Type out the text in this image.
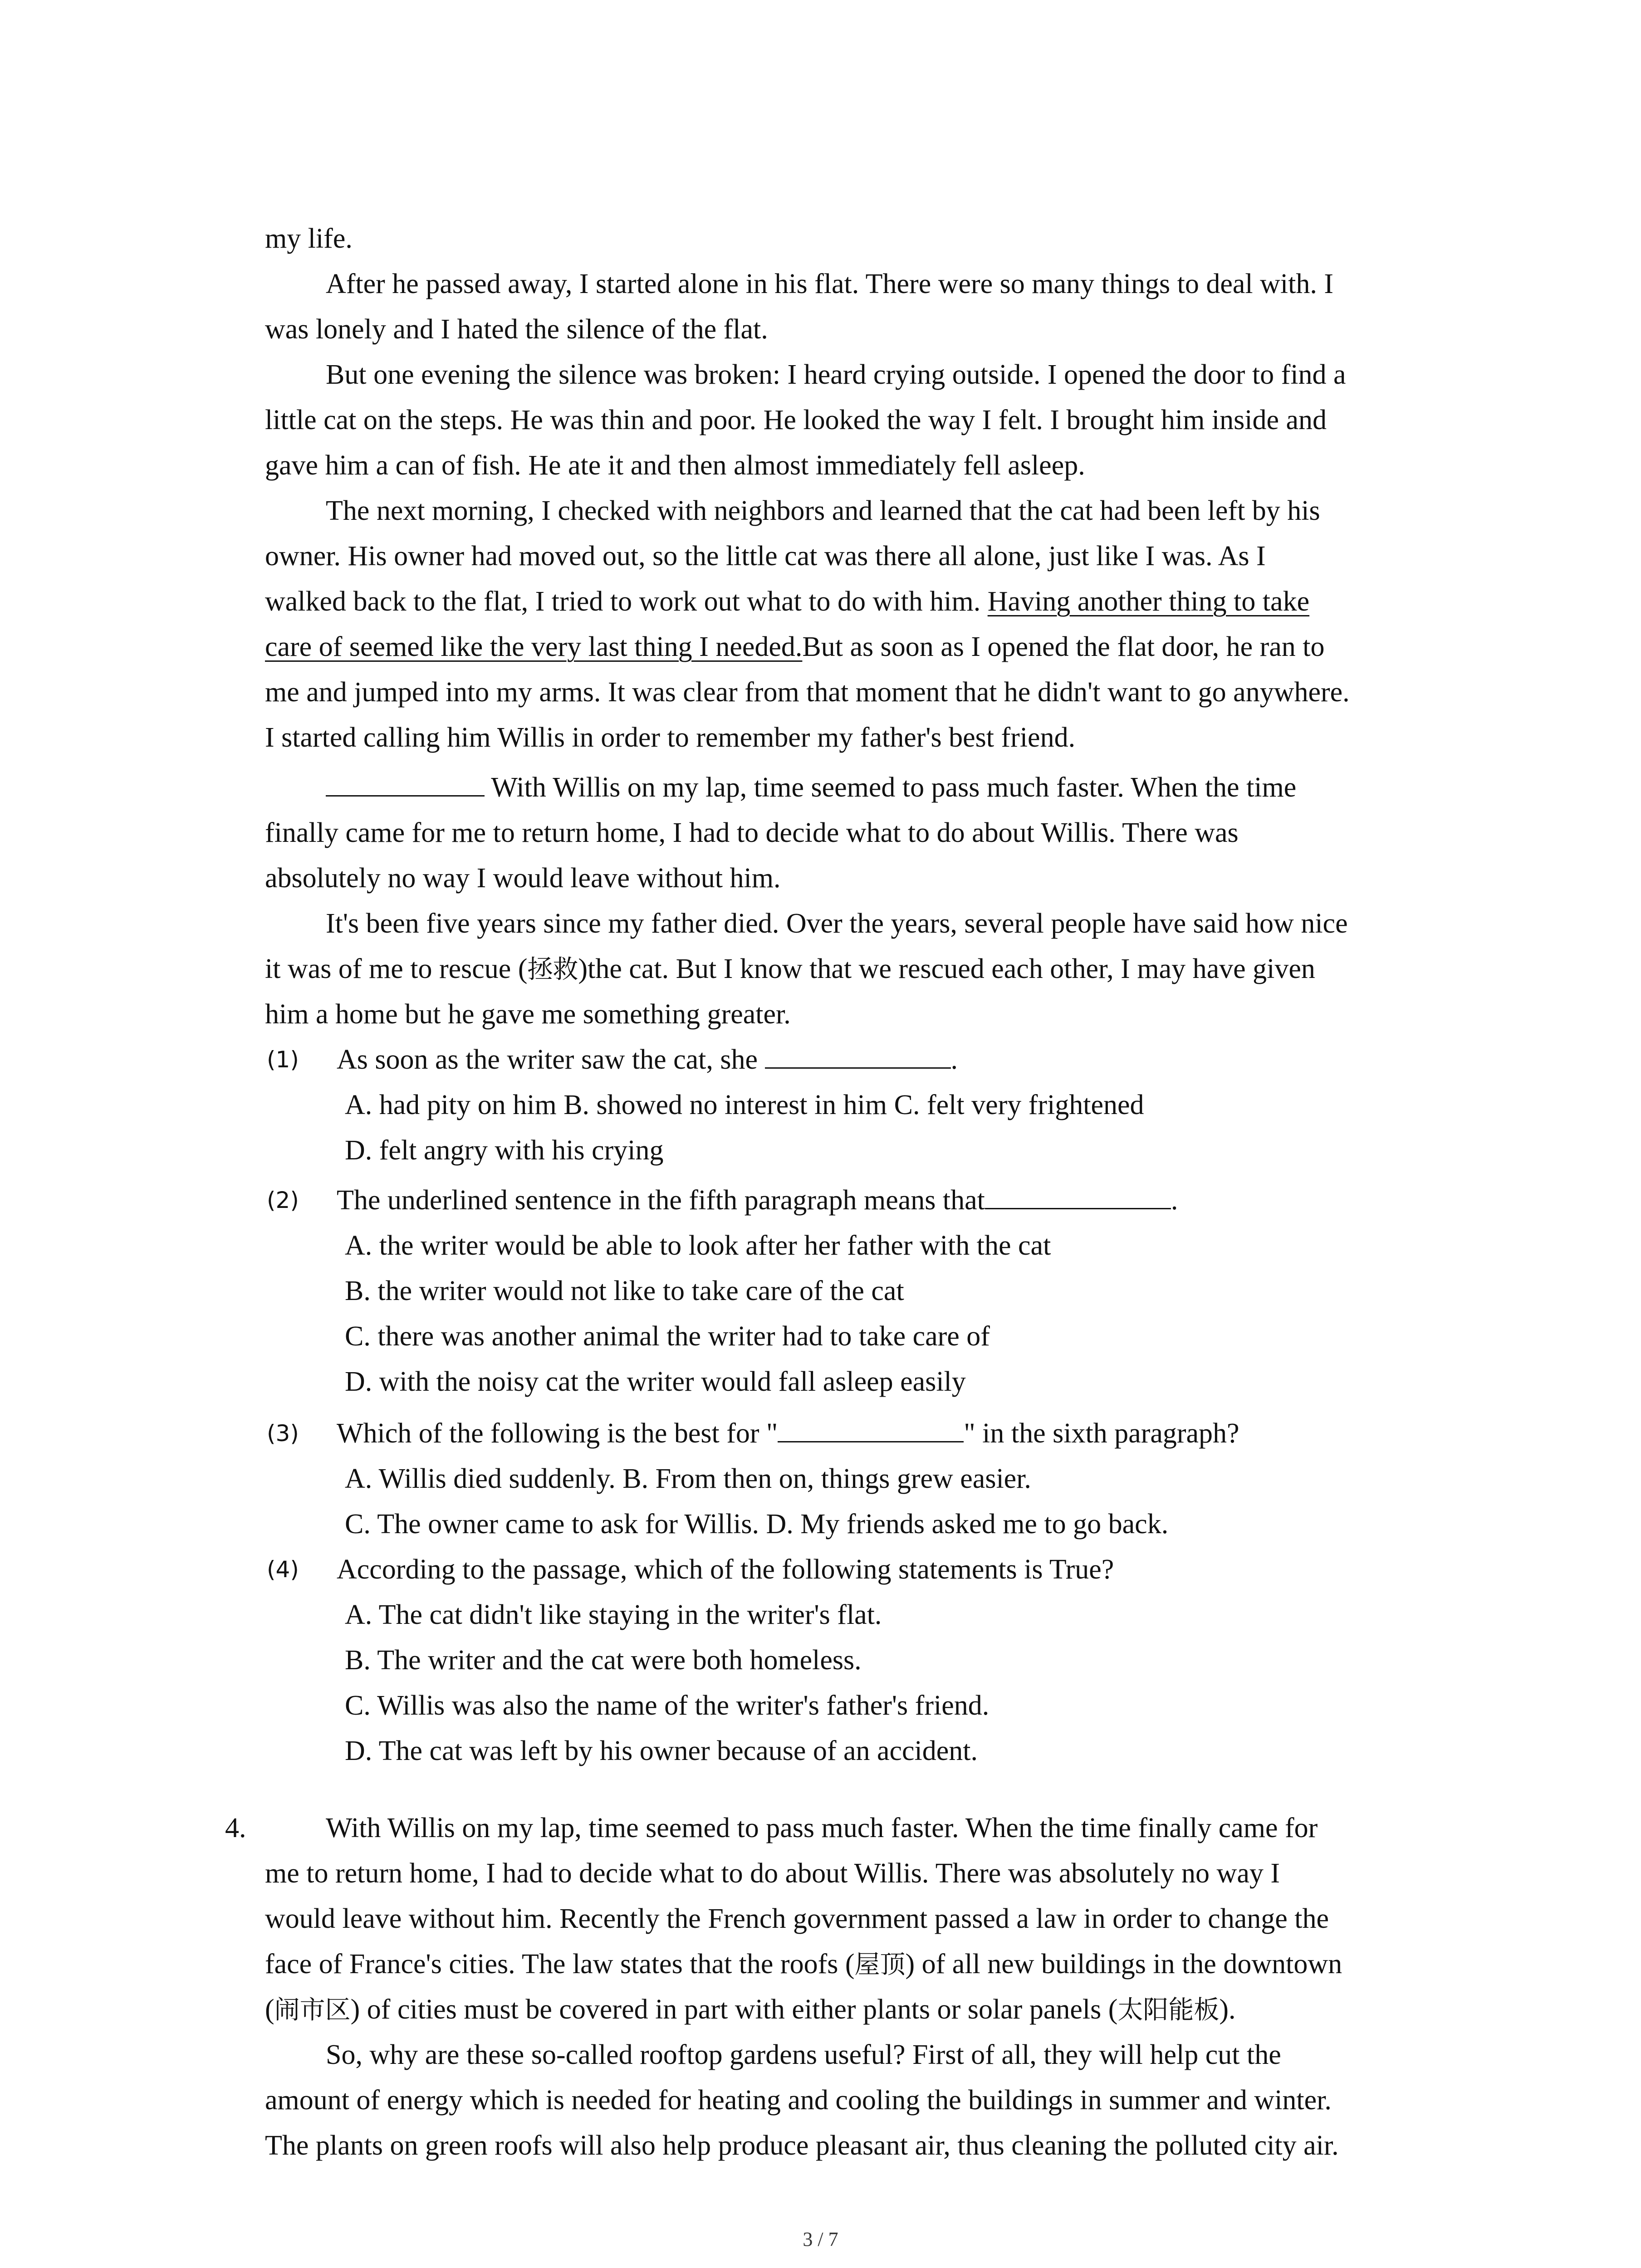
my life.
After he passed away, I started alone in his flat. There were so many things to deal with. I
was lonely and I hated the silence of the flat.
But one evening the silence was broken: I heard crying outside. I opened the door to find a
little cat on the steps. He was thin and poor. He looked the way I felt. I brought him inside and
gave him a can of fish. He ate it and then almost immediately fell asleep.
The next morning, I checked with neighbors and learned that the cat had been left by his
owner. His owner had moved out, so the little cat was there all alone, just like I was. As I
walked back to the flat, I tried to work out what to do with him. Having another thing to take
care of seemed like the very last thing I needed.But as soon as I opened the flat door, he ran to
me and jumped into my arms. It was clear from that moment that he didn't want to go anywhere.
I started calling him Willis in order to remember my father's best friend.
With Willis on my lap, time seemed to pass much faster. When the time
finally came for me to return home, I had to decide what to do about Willis. There was
absolutely no way I would leave without him.
It's been five years since my father died. Over the years, several people have said how nice
it was of me to rescue (拯救)the cat. But I know that we rescued each other, I may have given
him a home but he gave me something greater.
(1) As soon as the writer saw the cat, she	.
A. had pity on him B. showed no interest in him C. felt very frightened
D. felt angry with his crying
(2) The underlined sentence in the fifth paragraph means that	.
A. the writer would be able to look after her father with the cat
B. the writer would not like to take care of the cat
C. there was another animal the writer had to take care of
D. with the noisy cat the writer would fall asleep easily
(3) Which of the following is the best for "	" in the sixth paragraph?
A. Willis died suddenly. B. From then on, things grew easier.
C. The owner came to ask for Willis. D. My friends asked me to go back.
(4) According to the passage, which of the following statements is True?
A. The cat didn't like staying in the writer's flat.
B. The writer and the cat were both homeless.
C. Willis was also the name of the writer's father's friend.
D. The cat was left by his owner because of an accident.
4.	With Willis on my lap, time seemed to pass much faster. When the time finally came for
me to return home, I had to decide what to do about Willis. There was absolutely no way I
would leave without him. Recently the French government passed a law in order to change the
face of France's cities. The law states that the roofs (屋顶) of all new buildings in the downtown
(闹市区) of cities must be covered in part with either plants or solar panels (太阳能板).
So, why are these so-called rooftop gardens useful? First of all, they will help cut the
amount of energy which is needed for heating and cooling the buildings in summer and winter.
The plants on green roofs will also help produce pleasant air, thus cleaning the polluted city air.
3 / 7
